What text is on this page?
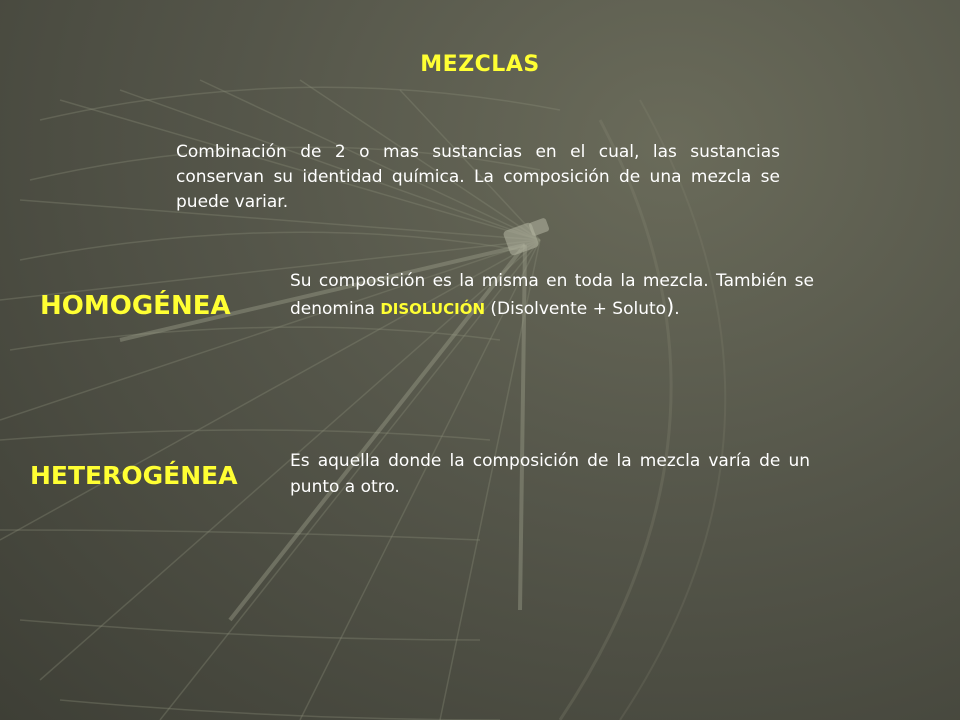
MEZCLAS
Combinación de 2 o mas sustancias en el cual, las sustancias conservan su identidad química. La composición de una mezcla se puede variar.
HOMOGÉNEA
Su composición es la misma en toda la mezcla. También se denomina DISOLUCIÓN (Disolvente + Soluto).
HETEROGÉNEA	Es aquella donde la composición de la mezcla varía de un punto a otro.
